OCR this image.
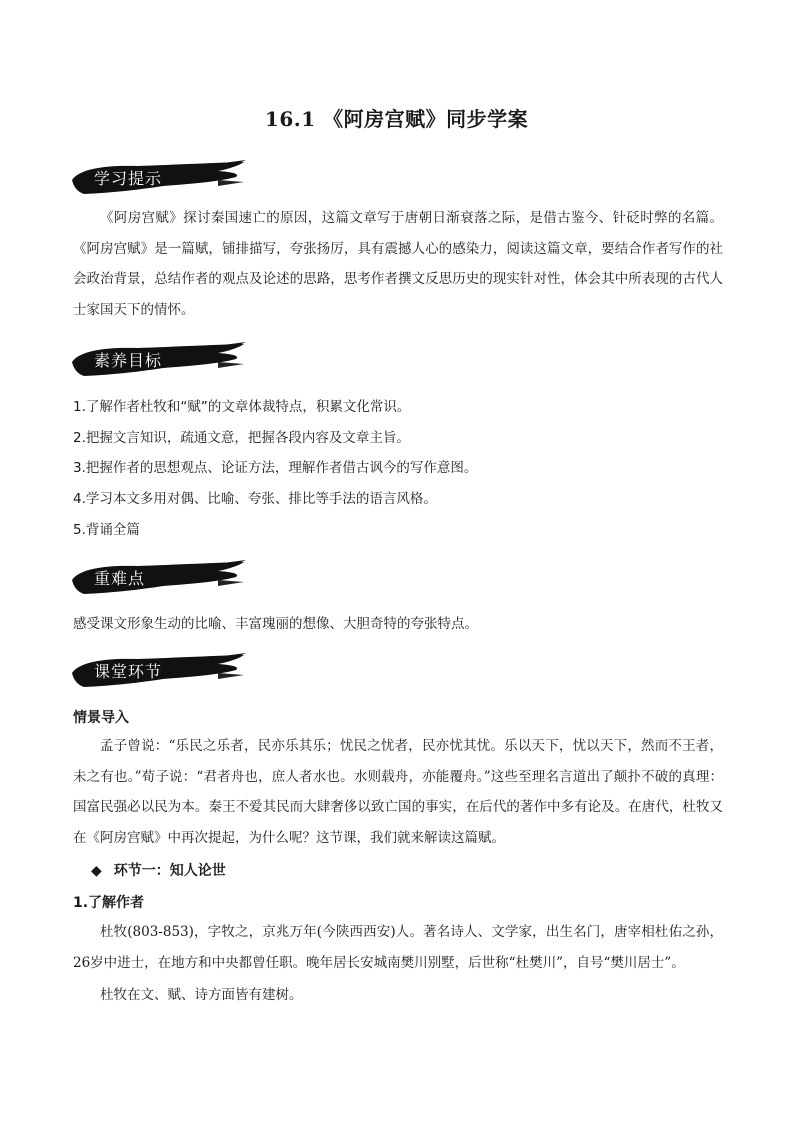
16.1 《阿房宫赋》同步学案
学习提示
《阿房宫赋》探讨秦国速亡的原因，这篇文章写于唐朝日渐衰落之际，是借古鉴今、针砭时弊的名篇。《阿房宫赋》是一篇赋，铺排描写，夸张扬厉，具有震撼人心的感染力，阅读这篇文章，要结合作者写作的社会政治背景，总结作者的观点及论述的思路，思考作者撰文反思历史的现实针对性，体会其中所表现的古代人士家国天下的情怀。
素养目标
1.了解作者杜牧和“赋”的文章体裁特点，积累文化常识。
2.把握文言知识，疏通文意，把握各段内容及文章主旨。
3.把握作者的思想观点、论证方法，理解作者借古讽今的写作意图。
4.学习本文多用对偶、比喻、夸张、排比等手法的语言风格。
5.背诵全篇
重难点
感受课文形象生动的比喻、丰富瑰丽的想像、大胆奇特的夸张特点。
课堂环节
情景导入
孟子曾说：“乐民之乐者，民亦乐其乐；忧民之忧者，民亦忧其忧。乐以天下，忧以天下，然而不王者，未之有也。”荀子说：“君者舟也，庶人者水也。水则载舟，亦能覆舟。”这些至理名言道出了颠扑不破的真理：国富民强必以民为本。秦王不爱其民而大肆奢侈以致亡国的事实，在后代的著作中多有论及。在唐代，杜牧又在《阿房宫赋》中再次提起，为什么呢？这节课，我们就来解读这篇赋。
◆ 环节一：知人论世
1.了解作者
杜牧(803-853)，字牧之，京兆万年(今陕西西安)人。著名诗人、文学家，出生名门，唐宰相杜佑之孙，26岁中进士，在地方和中央都曾任职。晚年居长安城南樊川别墅，后世称“杜樊川”，自号“樊川居士”。
杜牧在文、赋、诗方面皆有建树。
